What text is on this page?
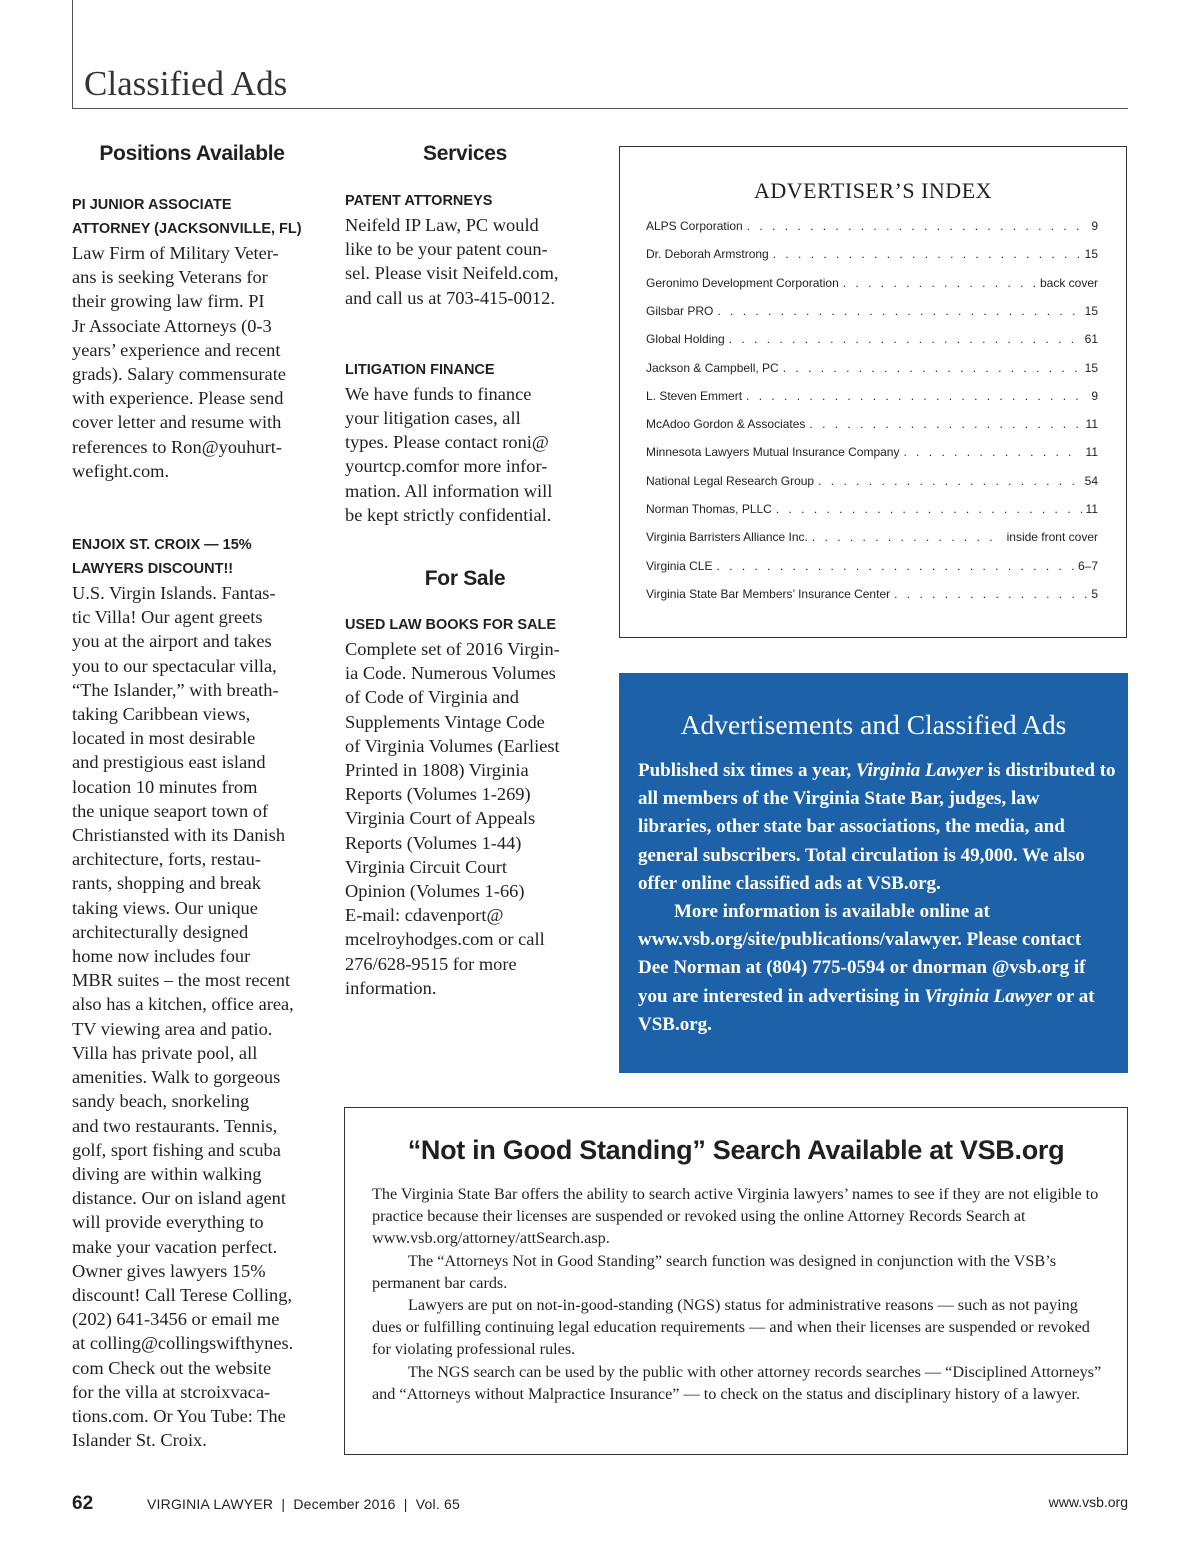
Classified Ads
Positions Available

PI JUNIOR ASSOCIATE ATTORNEY (JACKSONVILLE, FL)

Law Firm of Military Veter-
ans is seeking Veterans for
their growing law firm. PI
Jr Associate Attorneys (0-3
years’ experience and recent
grads). Salary commensurate
with experience. Please send
cover letter and resume with
references to Ron@youhurt-
wefight.com.

ENJOIX ST. CROIX — 15% LAWYERS DISCOUNT!!

U.S. Virgin Islands. Fantas-
tic Villa! Our agent greets
you at the airport and takes
you to our spectacular villa,
“The Islander,” with breath-
taking Caribbean views,
located in most desirable
and prestigious east island
location 10 minutes from
the unique seaport town of
Christiansted with its Danish
architecture, forts, restau-
rants, shopping and break
taking views. Our unique
architecturally designed
home now includes four
MBR suites – the most recent
also has a kitchen, office area,
TV viewing area and patio.
Villa has private pool, all
amenities. Walk to gorgeous
sandy beach, snorkeling
and two restaurants. Tennis,
golf, sport fishing and scuba
diving are within walking
distance. Our on island agent
will provide everything to
make your vacation perfect.
Owner gives lawyers 15%
discount! Call Terese Colling,
(202) 641-3456 or email me
at colling@collingswifthynes.
com Check out the website
for the villa at stcroixvaca-
tions.com. Or You Tube: The
Islander St. Croix.

Services

PATENT ATTORNEYS

Neifeld IP Law, PC would
like to be your patent coun-
sel. Please visit Neifeld.com,
and call us at 703-415-0012.

LITIGATION FINANCE

We have funds to finance
your litigation cases, all
types. Please contact roni@
yourtcp.comfor more infor-
mation. All information will
be kept strictly confidential.

For Sale

USED LAW BOOKS FOR SALE

Complete set of 2016 Virgin-
ia Code. Numerous Volumes
of Code of Virginia and
Supplements Vintage Code
of Virginia Volumes (Earliest
Printed in 1808) Virginia
Reports (Volumes 1-269)
Virginia Court of Appeals
Reports (Volumes 1-44)
Virginia Circuit Court
Opinion (Volumes 1-66)
E-mail: cdavenport@
mcelroyhodges.com or call
276/628-9515 for more
information.

ADVERTISER’S INDEX
ALPS Corporation . . .	9
Dr. Deborah Armstrong . . .	15
Geronimo Development Corporation . . .	back cover
Gilsbar PRO . . .	15
Global Holding . . .	61
Jackson & Campbell, PC . . .	15
L. Steven Emmert . . .	9
McAdoo Gordon & Associates . . .	11
Minnesota Lawyers Mutual Insurance Company . . .	11
National Legal Research Group . . .	54
Norman Thomas, PLLC . . .	11
Virginia Barristers Alliance Inc. . . .	inside front cover
Virginia CLE . . .	6–7
Virginia State Bar Members’ Insurance Center . . .	5
Advertisements and Classified Ads

Published six times a year, Virginia Lawyer is distributed to all members of the Virginia State Bar, judges, law libraries, other state bar associations, the media, and general subscribers. Total circulation is 49,000. We also offer online classified ads at VSB.org.

More information is available online at www.vsb.org/site/publications/valawyer. Please contact Dee Norman at (804) 775-0594 or dnorman @vsb.org if you are interested in advertising in Virginia Lawyer or at VSB.org.

“Not in Good Standing” Search Available at VSB.org

The Virginia State Bar offers the ability to search active Virginia lawyers’ names to see if they are not eligible to practice because their licenses are suspended or revoked using the online Attorney Records Search at www.vsb.org/attorney/attSearch.asp.

The “Attorneys Not in Good Standing” search function was designed in conjunction with the VSB’s permanent bar cards.

Lawyers are put on not-in-good-standing (NGS) status for administrative reasons — such as not paying dues or fulfilling continuing legal education requirements — and when their licenses are suspended or revoked for violating professional rules.

The NGS search can be used by the public with other attorney records searches — “Disciplined Attorneys” and “Attorneys without Malpractice Insurance” — to check on the status and disciplinary history of a lawyer.

62	VIRGINIA LAWYER  |  December 2016  |  Vol. 65	www.vsb.org
